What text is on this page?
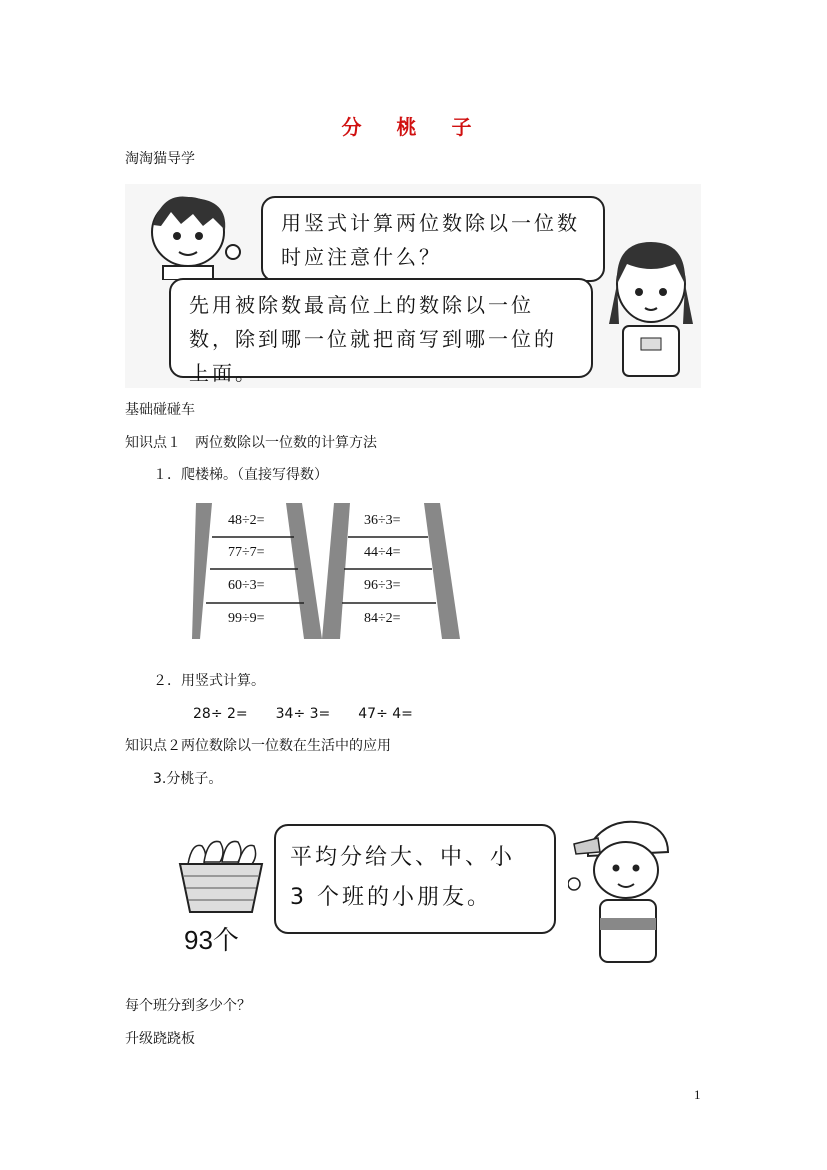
分 桃 子
淘淘猫导学
用竖式计算两位数除以一位数时应注意什么？
先用被除数最高位上的数除以一位数，除到哪一位就把商写到哪一位的上面。
基础碰碰车
知识点１　两位数除以一位数的计算方法
１．爬楼梯。（直接写得数）
48÷2=
77÷7=
60÷3=
99÷9=
36÷3=
44÷4=
96÷3=
84÷2=
２．用竖式计算。
28÷ 2=　　34÷ 3=　　47÷ 4=
知识点２两位数除以一位数在生活中的应用
3.分桃子。
93个
平均分给大、中、小 3 个班的小朋友。
每个班分到多少个？
升级跷跷板
1
